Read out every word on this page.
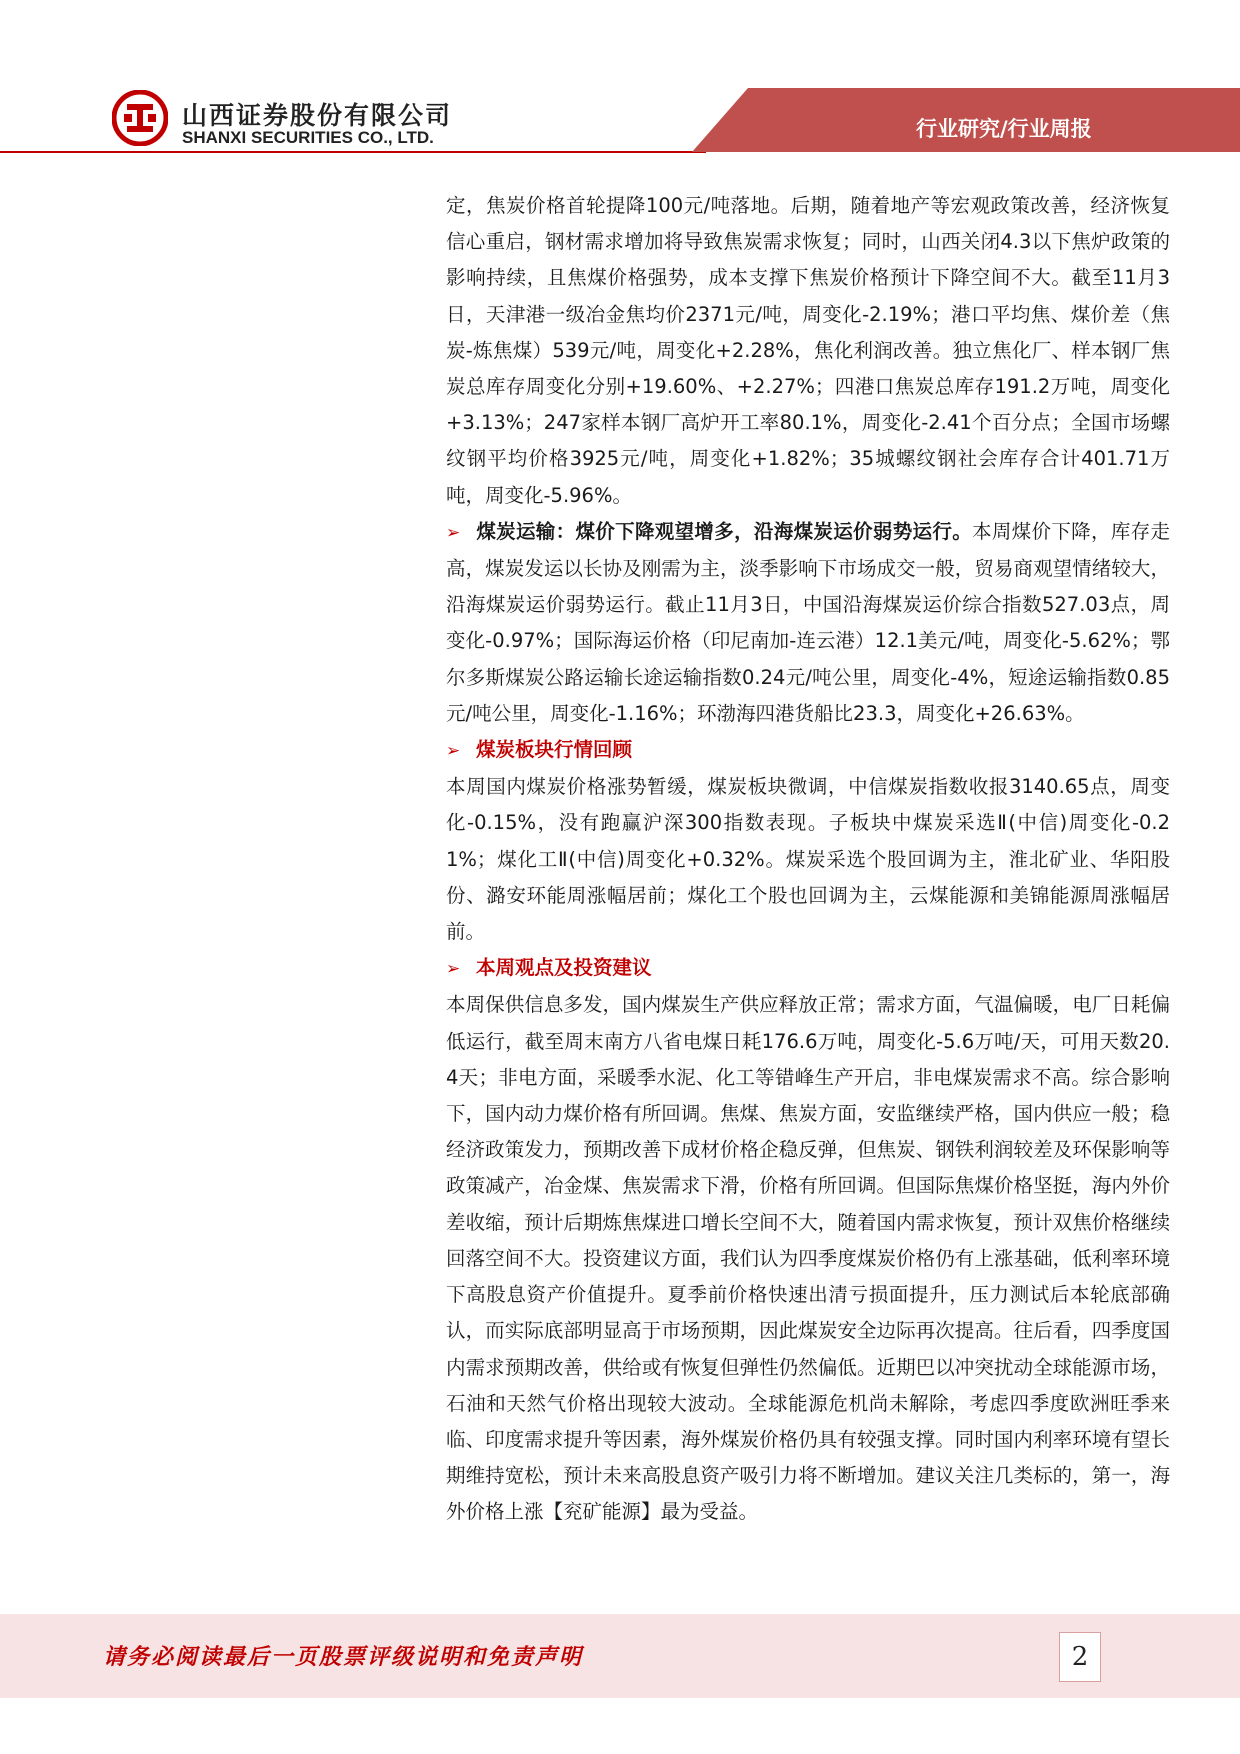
山西证券股份有限公司
SHANXI SECURITIES CO., LTD.	行业研究/行业周报

定，焦炭价格首轮提降100元/吨落地。后期，随着地产等宏观政策改善，经济恢复信心重启，钢材需求增加将导致焦炭需求恢复；同时，山西关闭4.3以下焦炉政策的影响持续，且焦煤价格强势，成本支撑下焦炭价格预计下降空间不大。截至11月3日，天津港一级冶金焦均价2371元/吨，周变化-2.19%；港口平均焦、煤价差（焦炭-炼焦煤）539元/吨，周变化+2.28%，焦化利润改善。独立焦化厂、样本钢厂焦炭总库存周变化分别+19.60%、+2.27%；四港口焦炭总库存191.2万吨，周变化+3.13%；247家样本钢厂高炉开工率80.1%，周变化-2.41个百分点；全国市场螺纹钢平均价格3925元/吨，周变化+1.82%；35城螺纹钢社会库存合计401.71万吨，周变化-5.96%。

➢ 煤炭运输：煤价下降观望增多，沿海煤炭运价弱势运行。本周煤价下降，库存走高，煤炭发运以长协及刚需为主，淡季影响下市场成交一般，贸易商观望情绪较大，沿海煤炭运价弱势运行。截止11月3日，中国沿海煤炭运价综合指数527.03点，周变化-0.97%；国际海运价格（印尼南加-连云港）12.1美元/吨，周变化-5.62%；鄂尔多斯煤炭公路运输长途运输指数0.24元/吨公里，周变化-4%，短途运输指数0.85元/吨公里，周变化-1.16%；环渤海四港货船比23.3，周变化+26.63%。

➢ 煤炭板块行情回顾

本周国内煤炭价格涨势暂缓，煤炭板块微调，中信煤炭指数收报3140.65点，周变化-0.15%，没有跑赢沪深300指数表现。子板块中煤炭采选Ⅱ(中信)周变化-0.21%；煤化工Ⅱ(中信)周变化+0.32%。煤炭采选个股回调为主，淮北矿业、华阳股份、潞安环能周涨幅居前；煤化工个股也回调为主，云煤能源和美锦能源周涨幅居前。

➢ 本周观点及投资建议

本周保供信息多发，国内煤炭生产供应释放正常；需求方面，气温偏暖，电厂日耗偏低运行，截至周末南方八省电煤日耗176.6万吨，周变化-5.6万吨/天，可用天数20.4天；非电方面，采暖季水泥、化工等错峰生产开启，非电煤炭需求不高。综合影响下，国内动力煤价格有所回调。焦煤、焦炭方面，安监继续严格，国内供应一般；稳经济政策发力，预期改善下成材价格企稳反弹，但焦炭、钢铁利润较差及环保影响等政策减产，冶金煤、焦炭需求下滑，价格有所回调。但国际焦煤价格坚挺，海内外价差收缩，预计后期炼焦煤进口增长空间不大，随着国内需求恢复，预计双焦价格继续回落空间不大。投资建议方面，我们认为四季度煤炭价格仍有上涨基础，低利率环境下高股息资产价值提升。夏季前价格快速出清亏损面提升，压力测试后本轮底部确认，而实际底部明显高于市场预期，因此煤炭安全边际再次提高。往后看，四季度国内需求预期改善，供给或有恢复但弹性仍然偏低。近期巴以冲突扰动全球能源市场，石油和天然气价格出现较大波动。全球能源危机尚未解除，考虑四季度欧洲旺季来临、印度需求提升等因素，海外煤炭价格仍具有较强支撑。同时国内利率环境有望长期维持宽松，预计未来高股息资产吸引力将不断增加。建议关注几类标的，第一，海外价格上涨【兖矿能源】最为受益。

请务必阅读最后一页股票评级说明和免责声明	2
